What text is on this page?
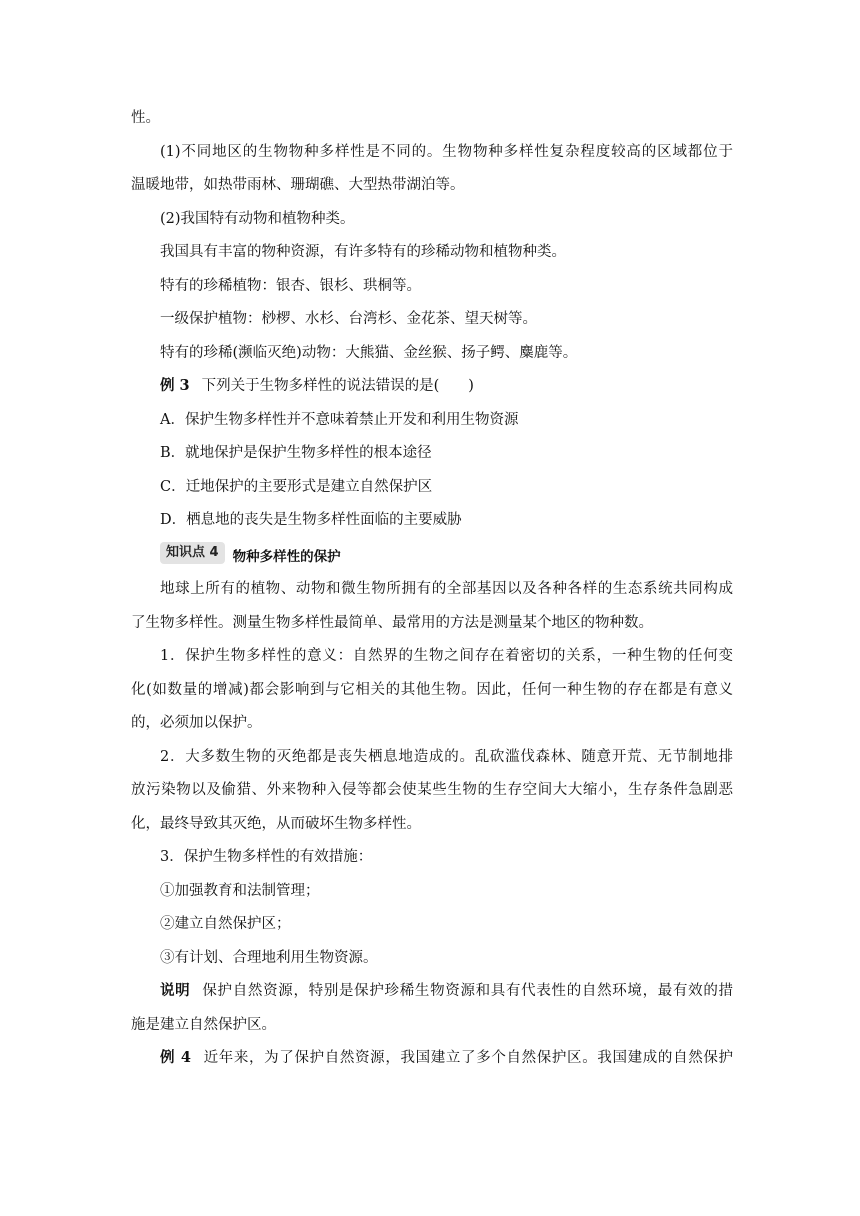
性。
(1)不同地区的生物物种多样性是不同的。生物物种多样性复杂程度较高的区域都位于
温暖地带，如热带雨林、珊瑚礁、大型热带湖泊等。
(2)我国特有动物和植物种类。
我国具有丰富的物种资源，有许多特有的珍稀动物和植物种类。
特有的珍稀植物：银杏、银杉、珙桐等。
一级保护植物：桫椤、水杉、台湾杉、金花茶、望天树等。
特有的珍稀(濒临灭绝)动物：大熊猫、金丝猴、扬子鳄、麋鹿等。
例 3 下列关于生物多样性的说法错误的是(　　)
A．保护生物多样性并不意味着禁止开发和利用生物资源
B．就地保护是保护生物多样性的根本途径
C．迁地保护的主要形式是建立自然保护区
D．栖息地的丧失是生物多样性面临的主要威胁
知识点 4 物种多样性的保护
地球上所有的植物、动物和微生物所拥有的全部基因以及各种各样的生态系统共同构成
了生物多样性。测量生物多样性最简单、最常用的方法是测量某个地区的物种数。
1．保护生物多样性的意义：自然界的生物之间存在着密切的关系，一种生物的任何变
化(如数量的增减)都会影响到与它相关的其他生物。因此，任何一种生物的存在都是有意义
的，必须加以保护。
2．大多数生物的灭绝都是丧失栖息地造成的。乱砍滥伐森林、随意开荒、无节制地排
放污染物以及偷猎、外来物种入侵等都会使某些生物的生存空间大大缩小，生存条件急剧恶
化，最终导致其灭绝，从而破坏生物多样性。
3．保护生物多样性的有效措施：
①加强教育和法制管理；
②建立自然保护区；
③有计划、合理地利用生物资源。
说明 保护自然资源，特别是保护珍稀生物资源和具有代表性的自然环境，最有效的措
施是建立自然保护区。
例 4 近年来，为了保护自然资源，我国建立了多个自然保护区。我国建成的自然保护
